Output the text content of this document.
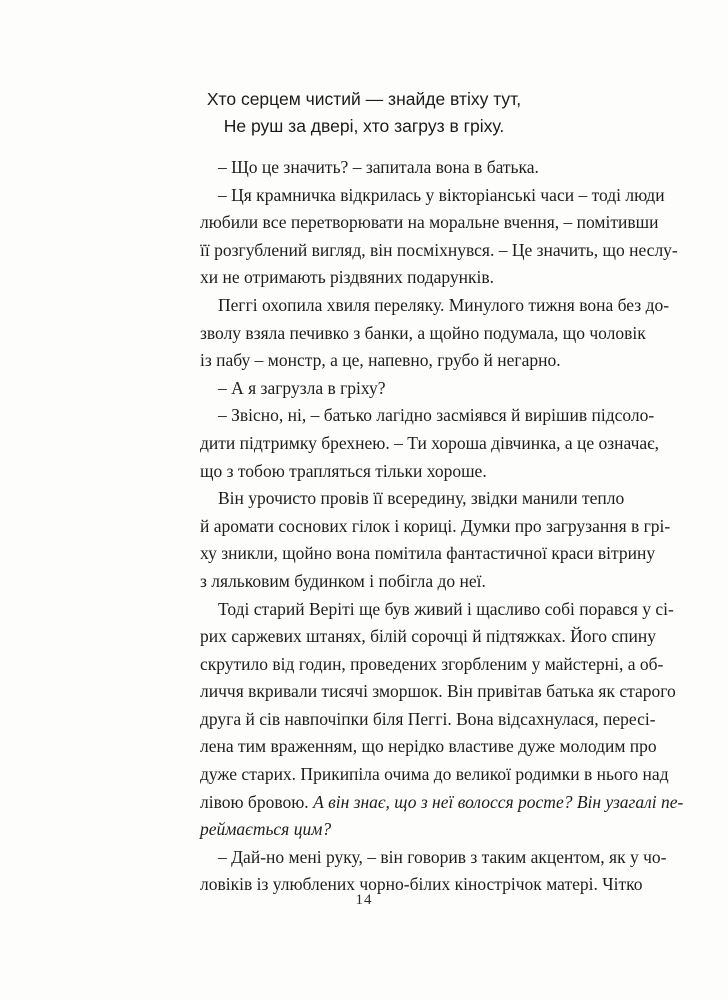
Хто серцем чистий — знайде втіху тут,
Не руш за двері, хто загруз в гріху.
– Що це значить? – запитала вона в батька.
– Ця крамничка відкрилась у вікторіанські часи – тоді люди
любили все перетворювати на моральне вчення, – помітивши
її розгублений вигляд, він посміхнувся. – Це значить, що неслу-
хи не отримають різдвяних подарунків.
Пеггі охопила хвиля переляку. Минулого тижня вона без до-
зволу взяла печивко з банки, а щойно подумала, що чоловік
із пабу – монстр, а це, напевно, грубо й негарно.
– А я загрузла в гріху?
– Звісно, ні, – батько лагідно засміявся й вирішив підсоло-
дити підтримку брехнею. – Ти хороша дівчинка, а це означає,
що з тобою трапляться тільки хороше.
Він урочисто провів її всередину, звідки манили тепло
й аромати соснових гілок і кориці. Думки про загрузання в грі-
ху зникли, щойно вона помітила фантастичної краси вітрину
з ляльковим будинком і побігла до неї.
Тоді старий Веріті ще був живий і щасливо собі порався у сі-
рих саржевих штанях, білій сорочці й підтяжках. Його спину
скрутило від годин, проведених згорбленим у майстерні, а об-
личчя вкривали тисячі зморшок. Він привітав батька як старого
друга й сів навпочіпки біля Пеггі. Вона відсахнулася, пересі-
лена тим враженням, що нерідко властиве дуже молодим про
дуже старих. Прикипіла очима до великої родимки в нього над
лівою бровою. А він знає, що з неї волосся росте? Він узагалі пе-
реймається цим?
– Дай-но мені руку, – він говорив з таким акцентом, як у чо-
ловіків із улюблених чорно-білих кінострічок матері. Чітко
14
